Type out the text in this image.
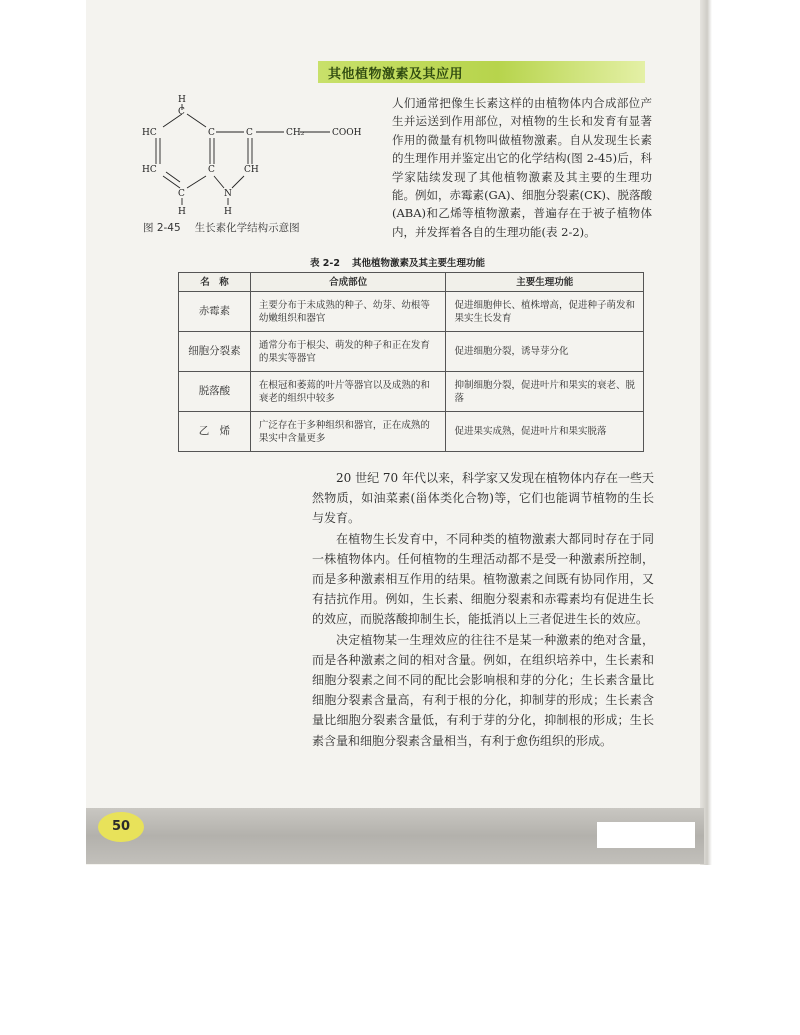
其他植物激素及其应用
H
C
HC	C	C	CH₂	COOH
HC	C	CH
C	N
H	H
图 2-45 生长素化学结构示意图
人们通常把像生长素这样的由植物体内合成部位产生并运送到作用部位，对植物的生长和发育有显著作用的微量有机物叫做植物激素。自从发现生长素的生理作用并鉴定出它的化学结构(图 2-45)后，科学家陆续发现了其他植物激素及其主要的生理功能。例如，赤霉素(GA)、细胞分裂素(CK)、脱落酸(ABA)和乙烯等植物激素，普遍存在于被子植物体内，并发挥着各自的生理功能(表 2-2)。
表 2-2 其他植物激素及其主要生理功能
名　称	合成部位	主要生理功能
赤霉素	主要分布于未成熟的种子、幼芽、幼根等幼嫩组织和器官	促进细胞伸长、植株增高，促进种子萌发和果实生长发育
细胞分裂素	通常分布于根尖、萌发的种子和正在发育的果实等器官	促进细胞分裂，诱导芽分化
脱落酸	在根冠和萎蔫的叶片等器官以及成熟的和衰老的组织中较多	抑制细胞分裂，促进叶片和果实的衰老、脱落
乙　烯	广泛存在于多种组织和器官，正在成熟的果实中含量更多	促进果实成熟，促进叶片和果实脱落

20 世纪 70 年代以来，科学家又发现在植物体内存在一些天然物质，如油菜素(甾体类化合物)等，它们也能调节植物的生长与发育。

在植物生长发育中，不同种类的植物激素大都同时存在于同一株植物体内。任何植物的生理活动都不是受一种激素所控制，而是多种激素相互作用的结果。植物激素之间既有协同作用，又有拮抗作用。例如，生长素、细胞分裂素和赤霉素均有促进生长的效应，而脱落酸抑制生长，能抵消以上三者促进生长的效应。

决定植物某一生理效应的往往不是某一种激素的绝对含量，而是各种激素之间的相对含量。例如，在组织培养中，生长素和细胞分裂素之间不同的配比会影响根和芽的分化；生长素含量比细胞分裂素含量高，有利于根的分化，抑制芽的形成；生长素含量比细胞分裂素含量低，有利于芽的分化，抑制根的形成；生长素含量和细胞分裂素含量相当，有利于愈伤组织的形成。

50
